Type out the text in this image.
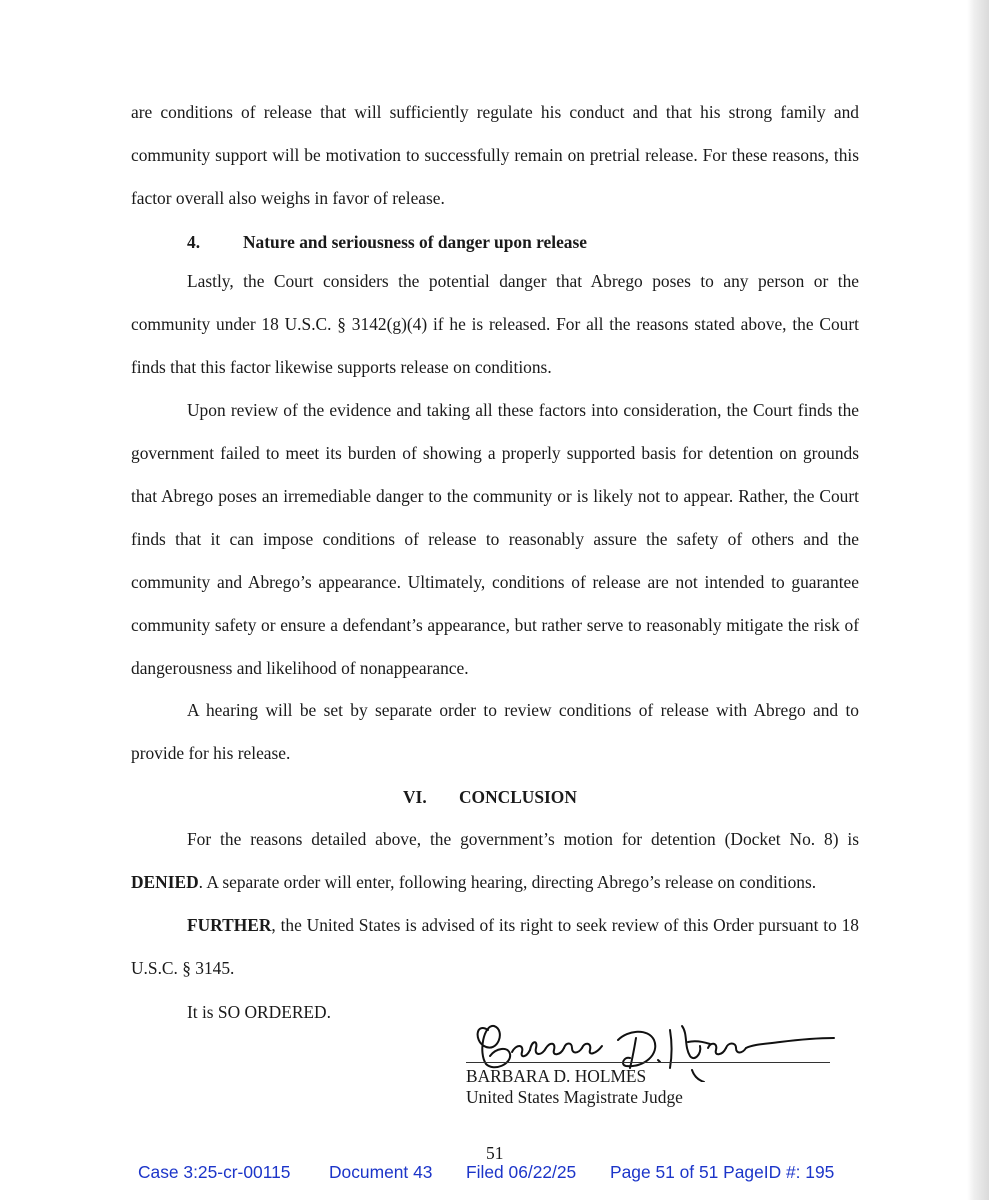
are conditions of release that will sufficiently regulate his conduct and that his strong family and community support will be motivation to successfully remain on pretrial release. For these reasons, this factor overall also weighs in favor of release.

4. Nature and seriousness of danger upon release

Lastly, the Court considers the potential danger that Abrego poses to any person or the community under 18 U.S.C. § 3142(g)(4) if he is released. For all the reasons stated above, the Court finds that this factor likewise supports release on conditions.

Upon review of the evidence and taking all these factors into consideration, the Court finds the government failed to meet its burden of showing a properly supported basis for detention on grounds that Abrego poses an irremediable danger to the community or is likely not to appear. Rather, the Court finds that it can impose conditions of release to reasonably assure the safety of others and the community and Abrego’s appearance. Ultimately, conditions of release are not intended to guarantee community safety or ensure a defendant’s appearance, but rather serve to reasonably mitigate the risk of dangerousness and likelihood of nonappearance.

A hearing will be set by separate order to review conditions of release with Abrego and to provide for his release.

VI. CONCLUSION

For the reasons detailed above, the government’s motion for detention (Docket No. 8) is DENIED. A separate order will enter, following hearing, directing Abrego’s release on conditions.

FURTHER, the United States is advised of its right to seek review of this Order pursuant to 18 U.S.C. § 3145.

It is SO ORDERED.
BARBARA D. HOLMES
United States Magistrate Judge
51
Case 3:25-cr-00115 Document 43 Filed 06/22/25 Page 51 of 51 PageID #: 195
